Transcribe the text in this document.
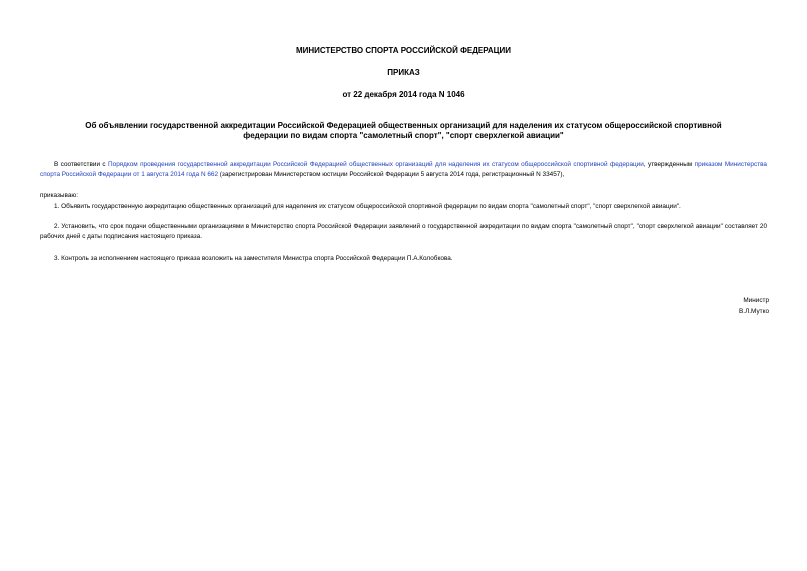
МИНИСТЕРСТВО СПОРТА РОССИЙСКОЙ ФЕДЕРАЦИИ
ПРИКАЗ
от 22 декабря 2014 года N 1046
Об объявлении государственной аккредитации Российской Федерацией общественных организаций для наделения их статусом общероссийской спортивной
федерации по видам спорта "самолетный спорт", "спорт сверхлегкой авиации"
В соответствии с Порядком проведения государственной аккредитации Российской Федерацией общественных организаций для наделения их статусом общероссийской спортивной федерации, утвержденным приказом Министерства спорта Российской Федерации от 1 августа 2014 года N 662 (зарегистрирован Министерством юстиции Российской Федерации 5 августа 2014 года, регистрационный N 33457),
приказываю:
1. Объявить государственную аккредитацию общественных организаций для наделения их статусом общероссийской спортивной федерации по видам спорта "самолетный спорт", "спорт сверхлегкой авиации".
2. Установить, что срок подачи общественными организациями в Министерство спорта Российской Федерации заявлений о государственной аккредитации по видам спорта "самолетный спорт", "спорт сверхлегкой авиации" составляет 20 рабочих дней с даты подписания настоящего приказа.
3. Контроль за исполнением настоящего приказа возложить на заместителя Министра спорта Российской Федерации П.А.Колобкова.
Министр
В.Л.Мутко
